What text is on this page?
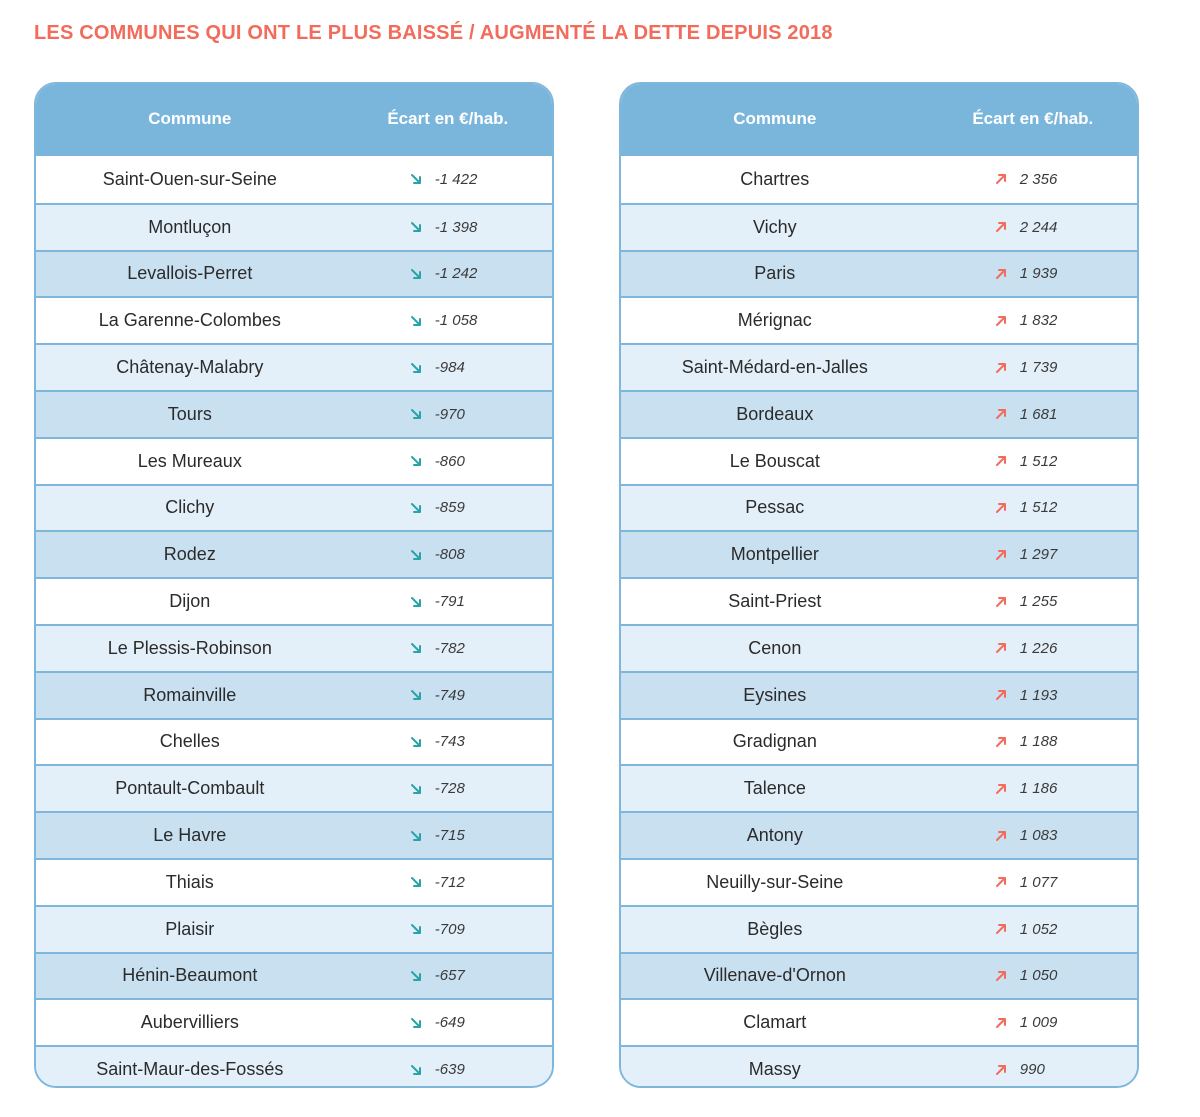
LES COMMUNES QUI ONT LE PLUS BAISSÉ / AUGMENTÉ LA DETTE DEPUIS 2018
Commune	Écart en €/hab.
Saint-Ouen-sur-Seine	-1 422
Montluçon	-1 398
Levallois-Perret	-1 242
La Garenne-Colombes	-1 058
Châtenay-Malabry	-984
Tours	-970
Les Mureaux	-860
Clichy	-859
Rodez	-808
Dijon	-791
Le Plessis-Robinson	-782
Romainville	-749
Chelles	-743
Pontault-Combault	-728
Le Havre	-715
Thiais	-712
Plaisir	-709
Hénin-Beaumont	-657
Aubervilliers	-649
Saint-Maur-des-Fossés	-639
Commune	Écart en €/hab.
Chartres	2 356
Vichy	2 244
Paris	1 939
Mérignac	1 832
Saint-Médard-en-Jalles	1 739
Bordeaux	1 681
Le Bouscat	1 512
Pessac	1 512
Montpellier	1 297
Saint-Priest	1 255
Cenon	1 226
Eysines	1 193
Gradignan	1 188
Talence	1 186
Antony	1 083
Neuilly-sur-Seine	1 077
Bègles	1 052
Villenave-d'Ornon	1 050
Clamart	1 009
Massy	990
